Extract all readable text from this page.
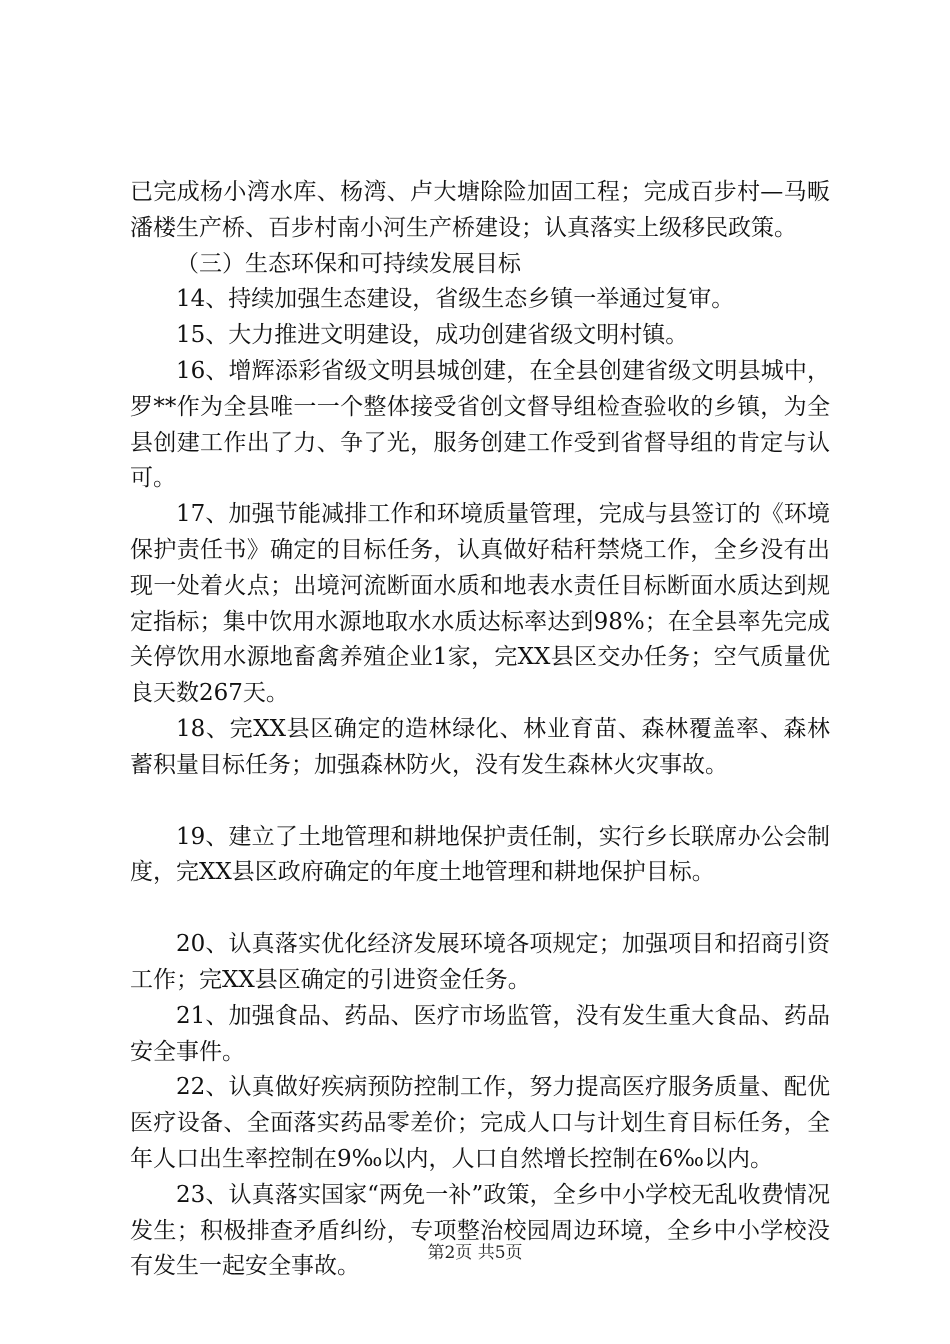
已完成杨小湾水库、杨湾、卢大塘除险加固工程；完成百步村—马畈潘楼生产桥、百步村南小河生产桥建设；认真落实上级移民政策。

（三）生态环保和可持续发展目标

14、持续加强生态建设，省级生态乡镇一举通过复审。

15、大力推进文明建设，成功创建省级文明村镇。

16、增辉添彩省级文明县城创建，在全县创建省级文明县城中，罗**作为全县唯一一个整体接受省创文督导组检查验收的乡镇，为全县创建工作出了力、争了光，服务创建工作受到省督导组的肯定与认可。

17、加强节能减排工作和环境质量管理，完成与县签订的《环境保护责任书》确定的目标任务，认真做好秸秆禁烧工作，全乡没有出现一处着火点；出境河流断面水质和地表水责任目标断面水质达到规定指标；集中饮用水源地取水水质达标率达到98%；在全县率先完成关停饮用水源地畜禽养殖企业1家，完XX县区交办任务；空气质量优良天数267天。

18、完XX县区确定的造林绿化、林业育苗、森林覆盖率、森林蓄积量目标任务；加强森林防火，没有发生森林火灾事故。

19、建立了土地管理和耕地保护责任制，实行乡长联席办公会制度，完XX县区政府确定的年度土地管理和耕地保护目标。

20、认真落实优化经济发展环境各项规定；加强项目和招商引资工作；完XX县区确定的引进资金任务。

21、加强食品、药品、医疗市场监管，没有发生重大食品、药品安全事件。

22、认真做好疾病预防控制工作，努力提高医疗服务质量、配优医疗设备、全面落实药品零差价；完成人口与计划生育目标任务，全年人口出生率控制在9‰以内，人口自然增长控制在6‰以内。

23、认真落实国家“两免一补”政策，全乡中小学校无乱收费情况发生；积极排查矛盾纠纷，专项整治校园周边环境，全乡中小学校没有发生一起安全事故。

第2页 共5页
